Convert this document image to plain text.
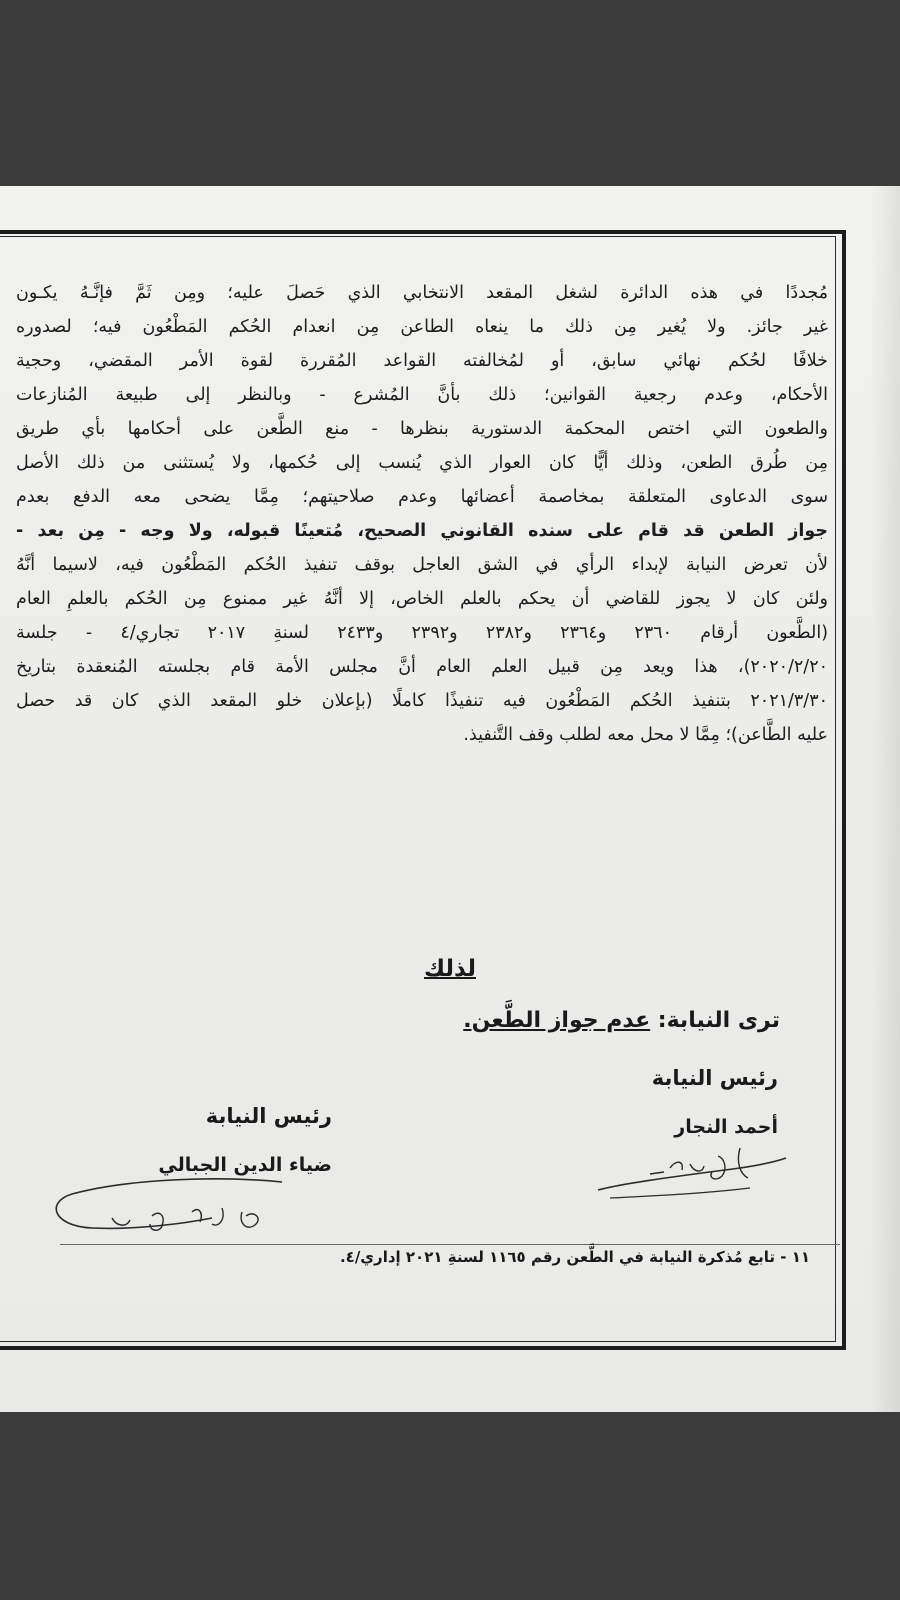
مُجددًا في هذه الدائرة لشغل المقعد الانتخابي الذي حَصلَ عليه؛ ومِن ثَمَّ فإنَّـهُ يكـون
غير جائز. ولا يُغير مِن ذلك ما ينعاه الطاعن مِن انعدام الحُكم المَطْعُون فيه؛ لصدوره
خلافًا لحُكم نهائي سابق، أو لمُخالفته القواعد المُقررة لقوة الأمر المقضي، وحجية
الأحكام، وعدم رجعية القوانين؛ ذلك بأنَّ المُشرع - وبالنظر إلى طبيعة المُنازعات
والطعون التي اختص المحكمة الدستورية بنظرها - منع الطَّعن على أحكامها بأي طريق
مِن طُرق الطعن، وذلك أيًّا كان العوار الذي يُنسب إلى حُكمها، ولا يُستثنى من ذلك الأصل
سوى الدعاوى المتعلقة بمخاصمة أعضائها وعدم صلاحيتهم؛ مِمَّا يضحى معه الدفع بعدم
جواز الطعن قد قام على سنده القانوني الصحيح، مُتعينًا قبوله، ولا وجه - مِن بعد -
لأن تعرض النيابة لإبداء الرأي في الشق العاجل بوقف تنفيذ الحُكم المَطْعُون فيه، لاسيما أنَّهُ
ولئن كان لا يجوز للقاضي أن يحكم بالعلم الخاص، إلا أنَّهُ غير ممنوع مِن الحُكم بالعلمِ العام
(الطَّعون أرقام ٢٣٦٠ و٢٣٦٤ و٢٣٨٢ و٢٣٩٢ و٢٤٣٣ لسنةِ ٢٠١٧ تجاري/٤ - جلسة
٢٠٢٠/٢/٢٠)، هذا ويعد مِن قبيل العلم العام أنَّ مجلس الأمة قام بجلسته المُنعقدة بتاريخ
٢٠٢١/٣/٣٠ بتنفيذ الحُكم المَطْعُون فيه تنفيذًا كاملًا (بإعلان خلو المقعد الذي كان قد حصل
عليه الطَّاعن)؛ مِمَّا لا محل معه لطلب وقف التَّنفيذ.
لذلك
ترى النيابة: عدم جواز الطَّعن.
رئيس النيابة
أحمد النجار
رئيس النيابة
ضياء الدين الجبالي
١١ - تابع مُذكرة النيابة في الطَّعن رقم ١١٦٥ لسنةِ ٢٠٢١ إداري/٤.
